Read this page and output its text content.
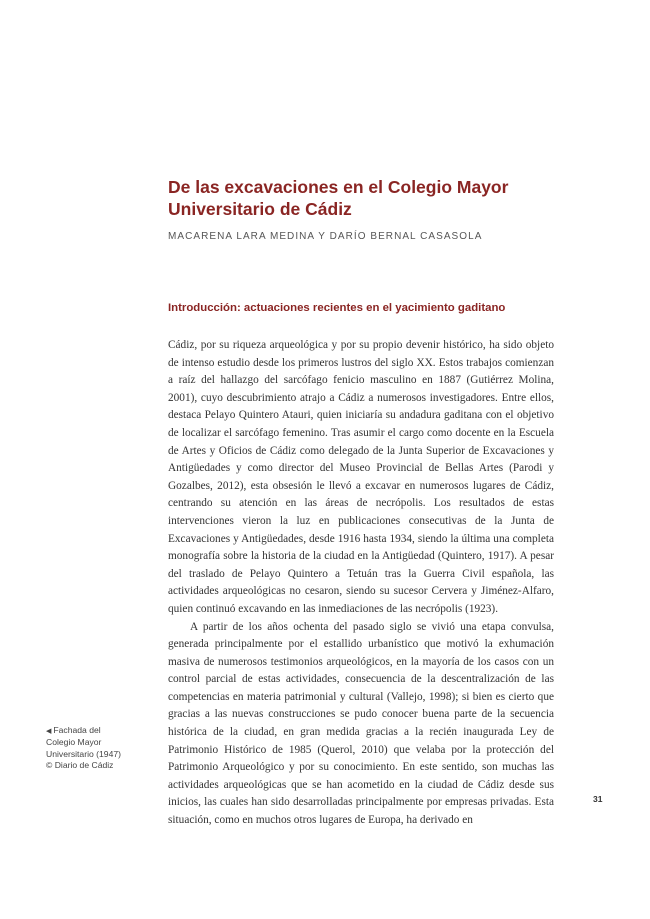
De las excavaciones en el Colegio Mayor Universitario de Cádiz

MACARENA LARA MEDINA Y DARÍO BERNAL CASASOLA

Introducción: actuaciones recientes en el yacimiento gaditano

Cádiz, por su riqueza arqueológica y por su propio devenir histórico, ha sido objeto de intenso estudio desde los primeros lustros del siglo XX. Estos trabajos comienzan a raíz del hallazgo del sarcófago fenicio masculino en 1887 (Gutiérrez Molina, 2001), cuyo descubrimiento atrajo a Cádiz a numerosos investigadores. Entre ellos, destaca Pelayo Quintero Atauri, quien iniciaría su andadura gaditana con el objetivo de localizar el sarcófago femenino. Tras asumir el cargo como docente en la Escuela de Artes y Oficios de Cádiz como delegado de la Junta Superior de Excavaciones y Antigüedades y como director del Museo Provincial de Bellas Artes (Parodi y Gozalbes, 2012), esta obsesión le llevó a excavar en numerosos lugares de Cádiz, centrando su atención en las áreas de necrópolis. Los resultados de estas intervenciones vieron la luz en publicaciones consecutivas de la Junta de Excavaciones y Antigüedades, desde 1916 hasta 1934, siendo la última una completa monografía sobre la historia de la ciudad en la Antigüedad (Quintero, 1917). A pesar del traslado de Pelayo Quintero a Tetuán tras la Guerra Civil española, las actividades arqueológicas no cesaron, siendo su sucesor Cervera y Jiménez-Alfaro, quien continuó excavando en las inmediaciones de las necrópolis (1923).

A partir de los años ochenta del pasado siglo se vivió una etapa convulsa, generada principalmente por el estallido urbanístico que motivó la exhumación masiva de numerosos testimonios arqueológicos, en la mayoría de los casos con un control parcial de estas actividades, consecuencia de la descentralización de las competencias en materia patrimonial y cultural (Vallejo, 1998); si bien es cierto que gracias a las nuevas construcciones se pudo conocer buena parte de la secuencia histórica de la ciudad, en gran medida gracias a la recién inaugurada Ley de Patrimonio Histórico de 1985 (Querol, 2010) que velaba por la protección del Patrimonio Arqueológico y por su conocimiento. En este sentido, son muchas las actividades arqueológicas que se han acometido en la ciudad de Cádiz desde sus inicios, las cuales han sido desarrolladas principalmente por empresas privadas. Esta situación, como en muchos otros lugares de Europa, ha derivado en

◀ Fachada del
Colegio Mayor
Universitario (1947)
© Diario de Cádiz
31
